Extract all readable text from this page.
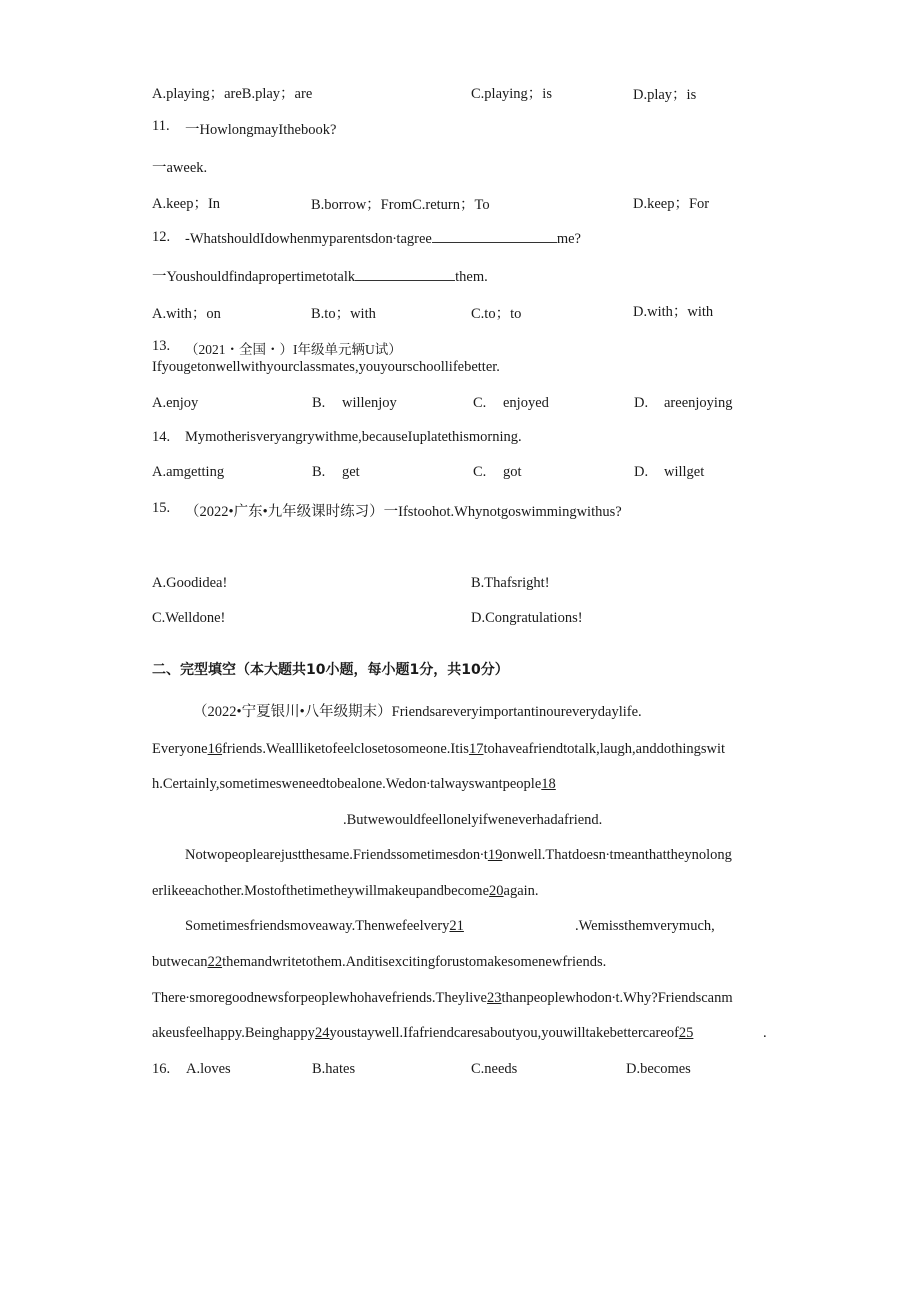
A.playing；areB.play；are	C.playing；is	D.play；is
11. 一HowlongmayIthebook?
一aweek.
A.keep；In	B.borrow；FromC.return；To	D.keep；For
12. -WhatshouldIdowhenmyparentsdon∙tagree	me?
一Youshouldfindapropertimetotalk	them.
A.with；on	B.to；with	C.to；to	D.with；with
13. （2021・全国・）I年级单元辆U试）
Ifyougetonwellwithyourclassmates,youyourschoollifebetter.
A.enjoy	B. willenjoy	C. enjoyed	D. areenjoying
14. Mymotherisveryangrywithme,becauseIuplatethismorning.
A.amgetting	B. get	C. got	D. willget
15. （2022•广东•九年级课时练习）一Ifstoohot.Whynotgoswimmingwithus?
A.Goodidea!	B.Thafsright!
C.Welldone!	D.Congratulations!
二、完型填空（本大题共10小题，每小题1分，共10分）
（2022•宁夏银川•八年级期末）Friendsareveryimportantinoureverydaylife.
Everyone16friends.Weallliketofeelclosetosomeone.Itis17tohaveafriendtotalk,laugh,anddothingswit
h.Certainly,sometimesweneedtobealone.Wedon∙talwayswantpeople18
.Butwewouldfeellonelyifweneverhadafriend.
Notwopeoplearejustthesame.Friendssometimesdon∙t19onwell.Thatdoesn∙tmeanthattheynolong
erlikeeachother.Mostofthetimetheywillmakeupandbecome20again.
Sometimesfriendsmoveaway.Thenwefeelvery21	.Wemissthemverymuch,
butwecan22themandwritetothem.Anditisexcitingforustomakesomenewfriends.
There∙smoregoodnewsforpeoplewhohavefriends.Theylive23thanpeoplewhodon∙t.Why?Friendscanm
akeusfeelhappy.Beinghappy24youstaywell.Ifafriendcaresaboutyou,youwilltakebettercareof25	.
16. A.loves	B.hates	C.needs	D.becomes
